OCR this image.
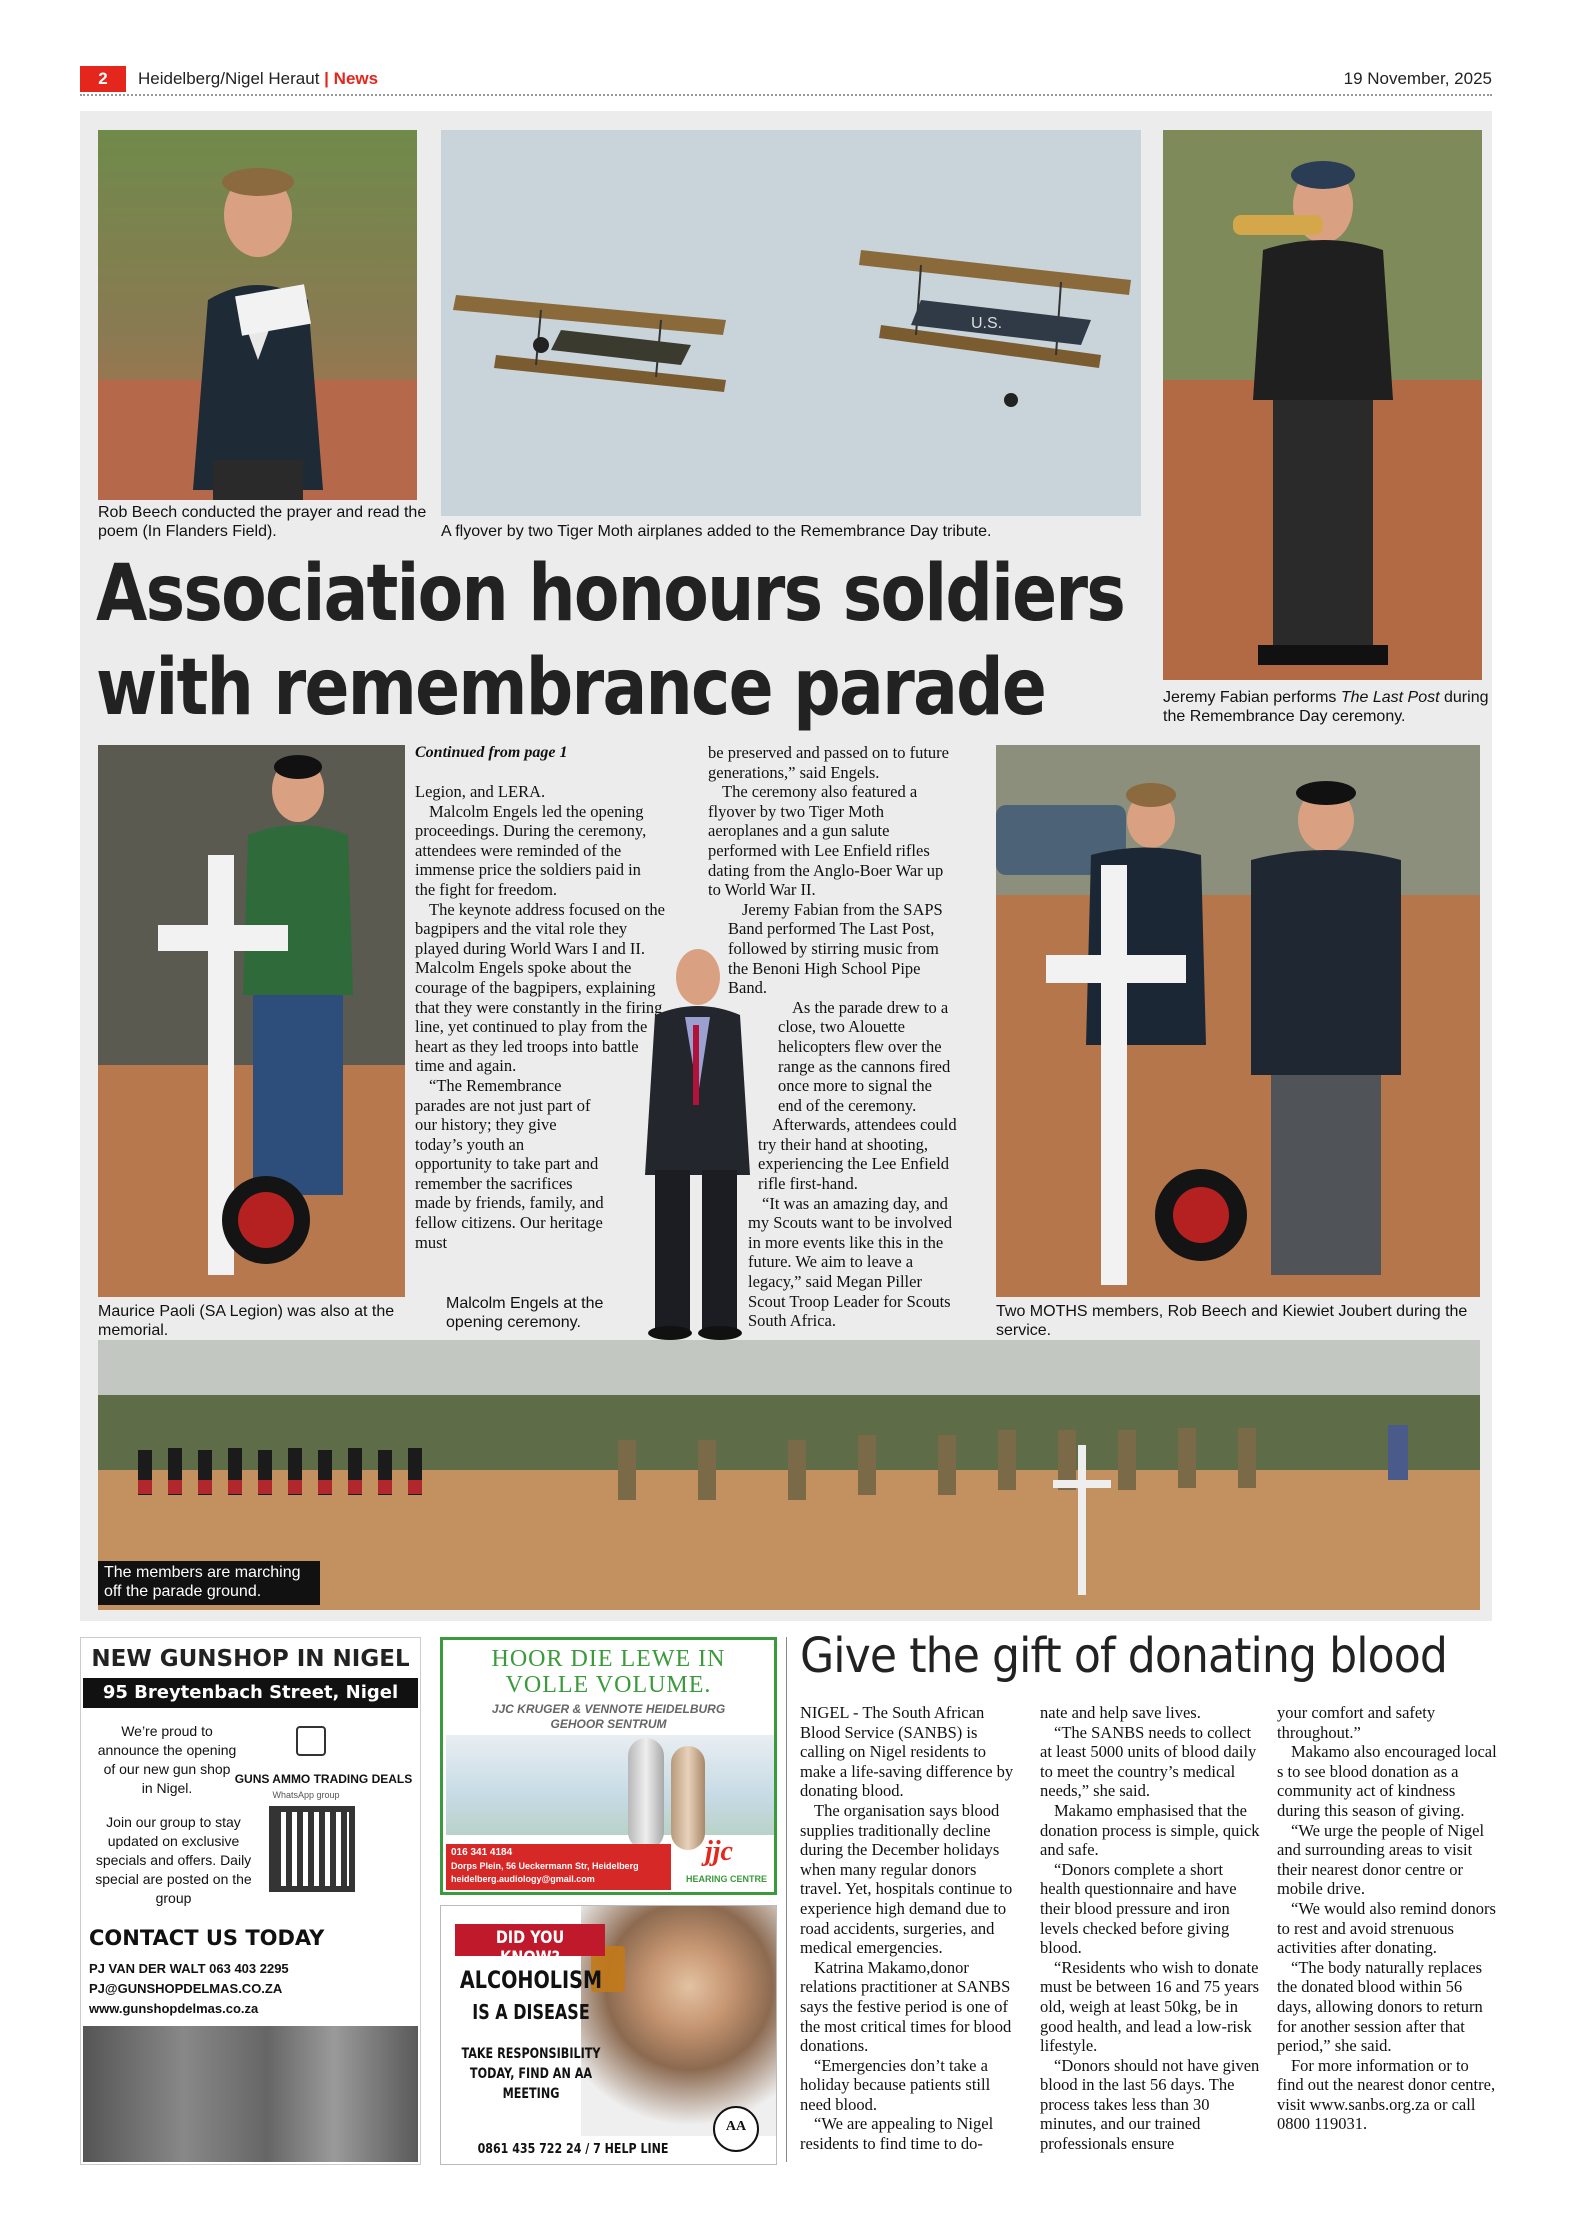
2	Heidelberg/Nigel Heraut | News	19 November, 2025
Rob Beech conducted the prayer and read the poem (In Flanders Field).
U.S.
A flyover by two Tiger Moth airplanes added to the Remembrance Day tribute.
Jeremy Fabian performs The Last Post during the Remembrance Day ceremony.
Association honours soldiers
with remembrance parade
Maurice Paoli (SA Legion) was also at the memorial.
Continued from page 1

Legion, and LERA.

Malcolm Engels led the opening proceedings. During the ceremony, attendees were reminded of the immense price the soldiers paid in the fight for freedom.

The keynote address focused on the bagpipers and the vital role they played during World Wars I and II. Malcolm Engels spoke about the courage of the bagpipers, explaining that they were constantly in the firing line, yet continued to play from the heart as they led troops into battle time and again.

“The Remembrance parades are not just part of our history; they give today’s youth an opportunity to take part and remember the sacrifices made by friends, family, and fellow citizens. Our heritage must

Malcolm Engels at the opening ceremony.

be preserved and passed on to future generations,” said Engels.

The ceremony also featured a flyover by two Tiger Moth aeroplanes and a gun salute performed with Lee Enfield rifles dating from the Anglo-Boer War up to World War II.

Jeremy Fabian from the SAPS Band performed The Last Post, followed by stirring music from the Benoni High School Pipe Band.

As the parade drew to a close, two Alouette helicopters flew over the range as the cannons fired once more to signal the end of the ceremony.

Afterwards, attendees could try their hand at shooting, experiencing the Lee Enfield rifle first-hand.

“It was an amazing day, and my Scouts want to be involved in more events like this in the future. We aim to leave a legacy,” said Megan Piller Scout Troop Leader for Scouts South Africa.	Two MOTHS members, Rob Beech and Kiewiet Joubert during the service.
The members are marching off the parade ground.
NEW GUNSHOP IN NIGEL
95 Breytenbach Street, Nigel
We’re proud to announce the opening of our new gun shop in Nigel.
GUNS AMMO TRADING DEALS
WhatsApp group
Join our group to stay updated on exclusive specials and offers. Daily special are posted on the group
CONTACT US TODAY
PJ VAN DER WALT 063 403 2295
PJ@GUNSHOPDELMAS.CO.ZA
www.gunshopdelmas.co.za
HOOR DIE LEWE IN
VOLLE VOLUME.
JJC KRUGER & VENNOTE HEIDELBURG
GEHOOR SENTRUM
016 341 4184
Dorps Plein, 56 Ueckermann Str, Heidelberg
heidelberg.audiology@gmail.com
jjc
HEARING CENTRE
DID YOU KNOW?
ALCOHOLISM
IS A DISEASE
TAKE RESPONSIBILITY
TODAY, FIND AN AA
MEETING
AA
0861 435 722 24 / 7 HELP LINE
Give the gift of donating blood

NIGEL - The South African Blood Service (SANBS) is calling on Nigel residents to make a life-saving difference by donating blood.

The organisation says blood supplies traditionally decline during the December holidays when many regular donors travel. Yet, hospitals continue to experience high demand due to road accidents, surgeries, and medical emergencies.

Katrina Makamo,donor relations practitioner at SANBS says the festive period is one of the most critical times for blood donations.

“Emergencies don’t take a holiday because patients still need blood.

“We are appealing to Nigel residents to find time to do-

nate and help save lives.

“The SANBS needs to collect at least 5000 units of blood daily to meet the country’s medical needs,” she said.

Makamo emphasised that the donation process is simple, quick and safe.

“Donors complete a short health questionnaire and have their blood pressure and iron levels checked before giving blood.

“Residents who wish to donate must be between 16 and 75 years old, weigh at least 50kg, be in good health, and lead a low-risk lifestyle.

“Donors should not have given blood in the last 56 days. The process takes less than 30 minutes, and our trained professionals ensure

your comfort and safety throughout.”

Makamo also encouraged local s to see blood donation as a community act of kindness during this season of giving.

“We urge the people of Nigel and surrounding areas to visit their nearest donor centre or mobile drive.

“We would also remind donors to rest and avoid strenuous activities after donating.

“The body naturally replaces the donated blood within 56 days, allowing donors to return for another session after that period,” she said.

For more information or to find out the nearest donor centre, visit www.sanbs.org.za or call 0800 119031.
